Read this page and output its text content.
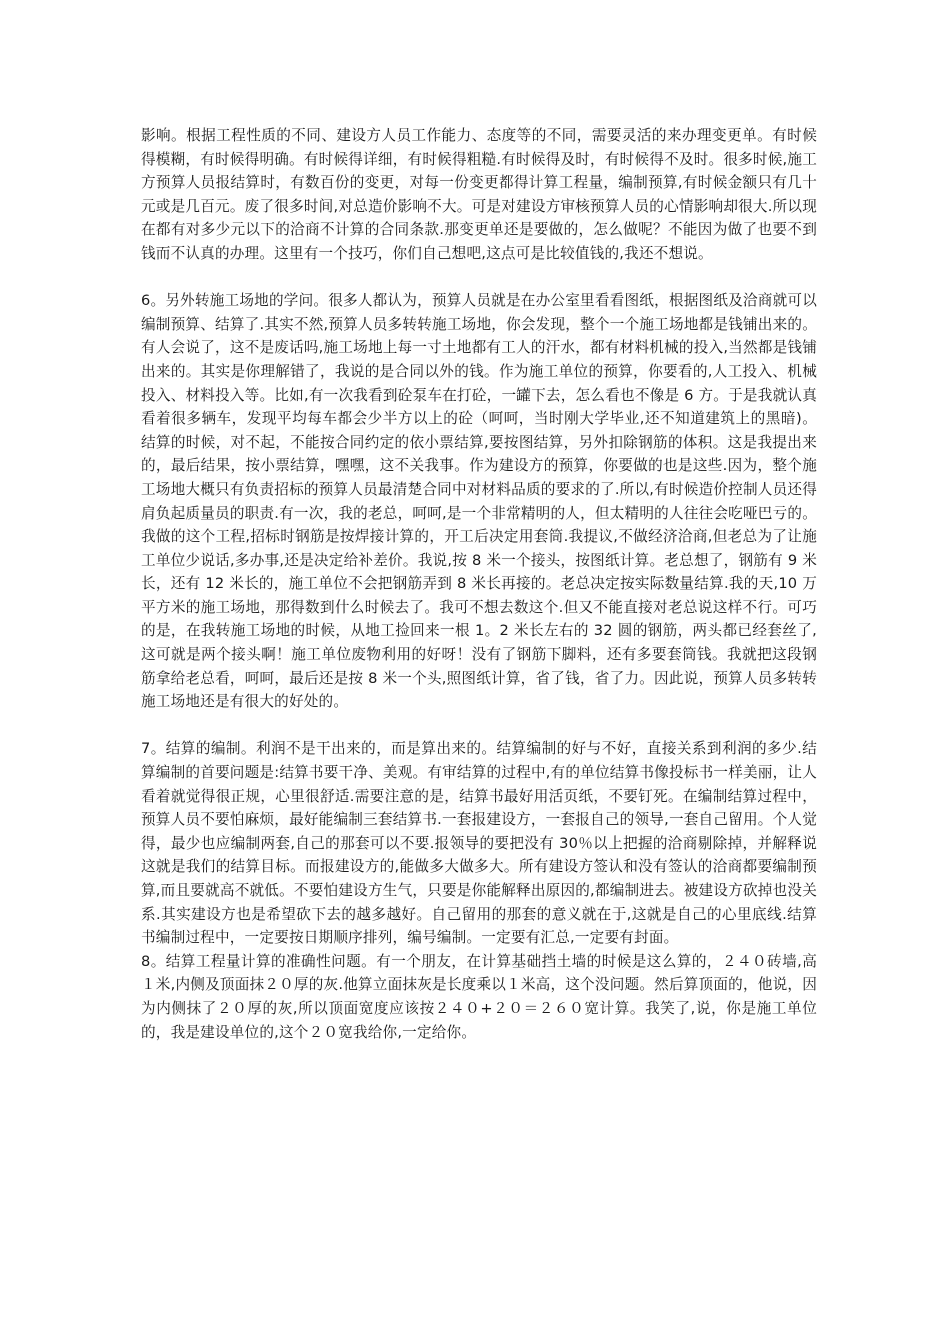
影响。根据工程性质的不同、建设方人员工作能力、态度等的不同，需要灵活的来办理变更单。有时候得模糊，有时候得明确。有时候得详细，有时候得粗糙.有时候得及时，有时候得不及时。很多时候,施工方预算人员报结算时，有数百份的变更，对每一份变更都得计算工程量，编制预算,有时候金额只有几十元或是几百元。废了很多时间,对总造价影响不大。可是对建设方审核预算人员的心情影响却很大.所以现在都有对多少元以下的洽商不计算的合同条款.那变更单还是要做的，怎么做呢？不能因为做了也要不到钱而不认真的办理。这里有一个技巧，你们自己想吧,这点可是比较值钱的,我还不想说。

6。另外转施工场地的学问。很多人都认为，预算人员就是在办公室里看看图纸，根据图纸及洽商就可以编制预算、结算了.其实不然,预算人员多转转施工场地，你会发现，整个一个施工场地都是钱铺出来的。有人会说了，这不是废话吗,施工场地上每一寸土地都有工人的汗水，都有材料机械的投入,当然都是钱铺出来的。其实是你理解错了，我说的是合同以外的钱。作为施工单位的预算，你要看的,人工投入、机械投入、材料投入等。比如,有一次我看到砼泵车在打砼，一罐下去，怎么看也不像是 6 方。于是我就认真看着很多辆车，发现平均每车都会少半方以上的砼（呵呵，当时刚大学毕业,还不知道建筑上的黑暗)。结算的时候，对不起，不能按合同约定的依小票结算,要按图结算，另外扣除钢筋的体积。这是我提出来的，最后结果，按小票结算，嘿嘿，这不关我事。作为建设方的预算，你要做的也是这些.因为，整个施工场地大概只有负责招标的预算人员最清楚合同中对材料品质的要求的了.所以,有时候造价控制人员还得肩负起质量员的职责.有一次，我的老总，呵呵,是一个非常精明的人，但太精明的人往往会吃哑巴亏的。我做的这个工程,招标时钢筋是按焊接计算的，开工后决定用套筒.我提议,不做经济洽商,但老总为了让施工单位少说话,多办事,还是决定给补差价。我说,按 8 米一个接头，按图纸计算。老总想了，钢筋有 9 米长，还有 12 米长的，施工单位不会把钢筋弄到 8 米长再接的。老总决定按实际数量结算.我的天,10 万平方米的施工场地，那得数到什么时候去了。我可不想去数这个.但又不能直接对老总说这样不行。可巧的是，在我转施工场地的时候，从地工捡回来一根 1。2 米长左右的 32 圆的钢筋，两头都已经套丝了,这可就是两个接头啊！施工单位废物利用的好呀！没有了钢筋下脚料，还有多要套筒钱。我就把这段钢筋拿给老总看，呵呵，最后还是按 8 米一个头,照图纸计算，省了钱，省了力。因此说，预算人员多转转施工场地还是有很大的好处的。

7。结算的编制。利润不是干出来的，而是算出来的。结算编制的好与不好，直接关系到利润的多少.结算编制的首要问题是:结算书要干净、美观。有审结算的过程中,有的单位结算书像投标书一样美丽，让人看着就觉得很正规，心里很舒适.需要注意的是，结算书最好用活页纸，不要钉死。在编制结算过程中，预算人员不要怕麻烦，最好能编制三套结算书.一套报建设方，一套报自己的领导,一套自己留用。个人觉得，最少也应编制两套,自己的那套可以不要.报领导的要把没有 30％以上把握的洽商剔除掉，并解释说这就是我们的结算目标。而报建设方的,能做多大做多大。所有建设方签认和没有签认的洽商都要编制预算,而且要就高不就低。不要怕建设方生气，只要是你能解释出原因的,都编制进去。被建设方砍掉也没关系.其实建设方也是希望砍下去的越多越好。自己留用的那套的意义就在于,这就是自己的心里底线.结算书编制过程中，一定要按日期顺序排列，编号编制。一定要有汇总,一定要有封面。

8。结算工程量计算的准确性问题。有一个朋友，在计算基础挡土墙的时候是这么算的，２４０砖墙,高１米,内侧及顶面抹２０厚的灰.他算立面抹灰是长度乘以１米高，这个没问题。然后算顶面的，他说，因为内侧抹了２０厚的灰,所以顶面宽度应该按２４０+２０＝２６０宽计算。我笑了,说，你是施工单位的，我是建设单位的,这个２０宽我给你,一定给你。
